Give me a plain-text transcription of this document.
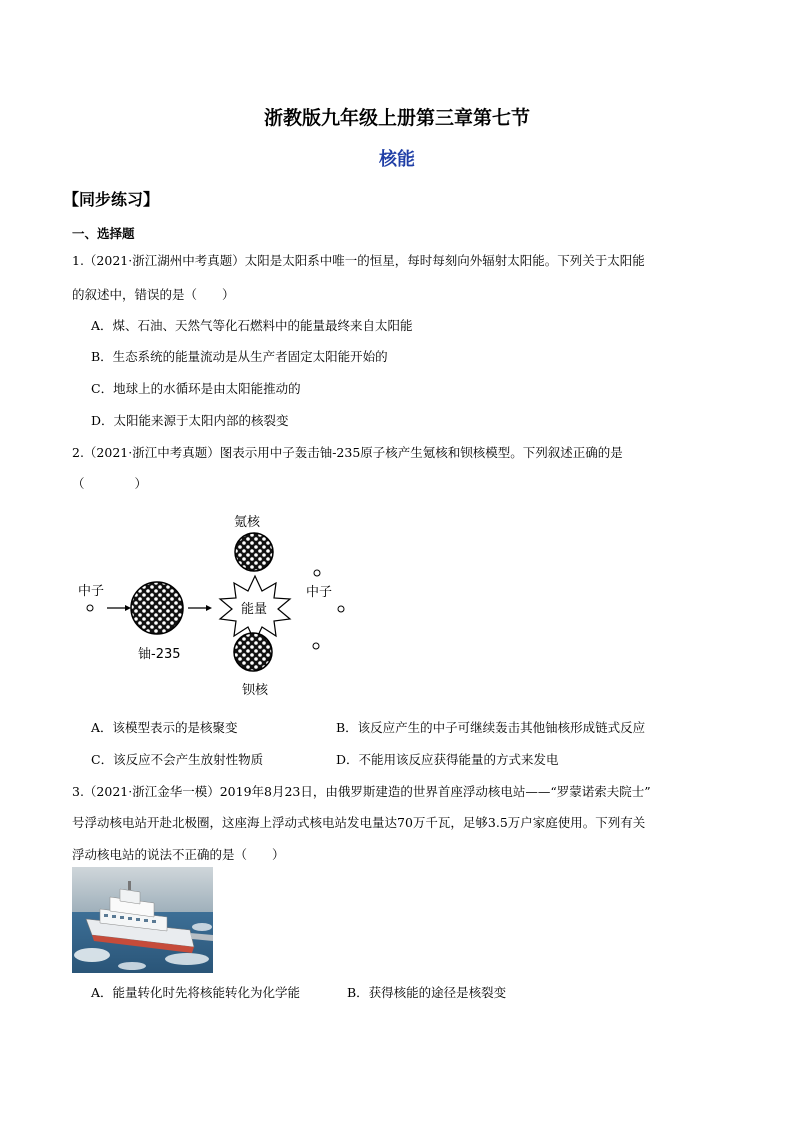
浙教版九年级上册第三章第七节
核能
【同步练习】
一、选择题
1.（2021·浙江湖州中考真题）太阳是太阳系中唯一的恒星，每时每刻向外辐射太阳能。下列关于太阳能
的叙述中，错误的是（　　）
A．煤、石油、天然气等化石燃料中的能量最终来自太阳能
B．生态系统的能量流动是从生产者固定太阳能开始的
C．地球上的水循环是由太阳能推动的
D．太阳能来源于太阳内部的核裂变
2.（2021·浙江中考真题）图表示用中子轰击铀-235原子核产生氪核和钡核模型。下列叙述正确的是
（　　　　）
氪核
中子
铀-235
能量
中子
钡核
A．该模型表示的是核聚变	B．该反应产生的中子可继续轰击其他铀核形成链式反应
C．该反应不会产生放射性物质	D．不能用该反应获得能量的方式来发电
3.（2021·浙江金华一模）2019年8月23日，由俄罗斯建造的世界首座浮动核电站——“罗蒙诺索夫院士”
号浮动核电站开赴北极圈，这座海上浮动式核电站发电量达70万千瓦，足够3.5万户家庭使用。下列有关
浮动核电站的说法不正确的是（　　）
A．能量转化时先将核能转化为化学能	B．获得核能的途径是核裂变
